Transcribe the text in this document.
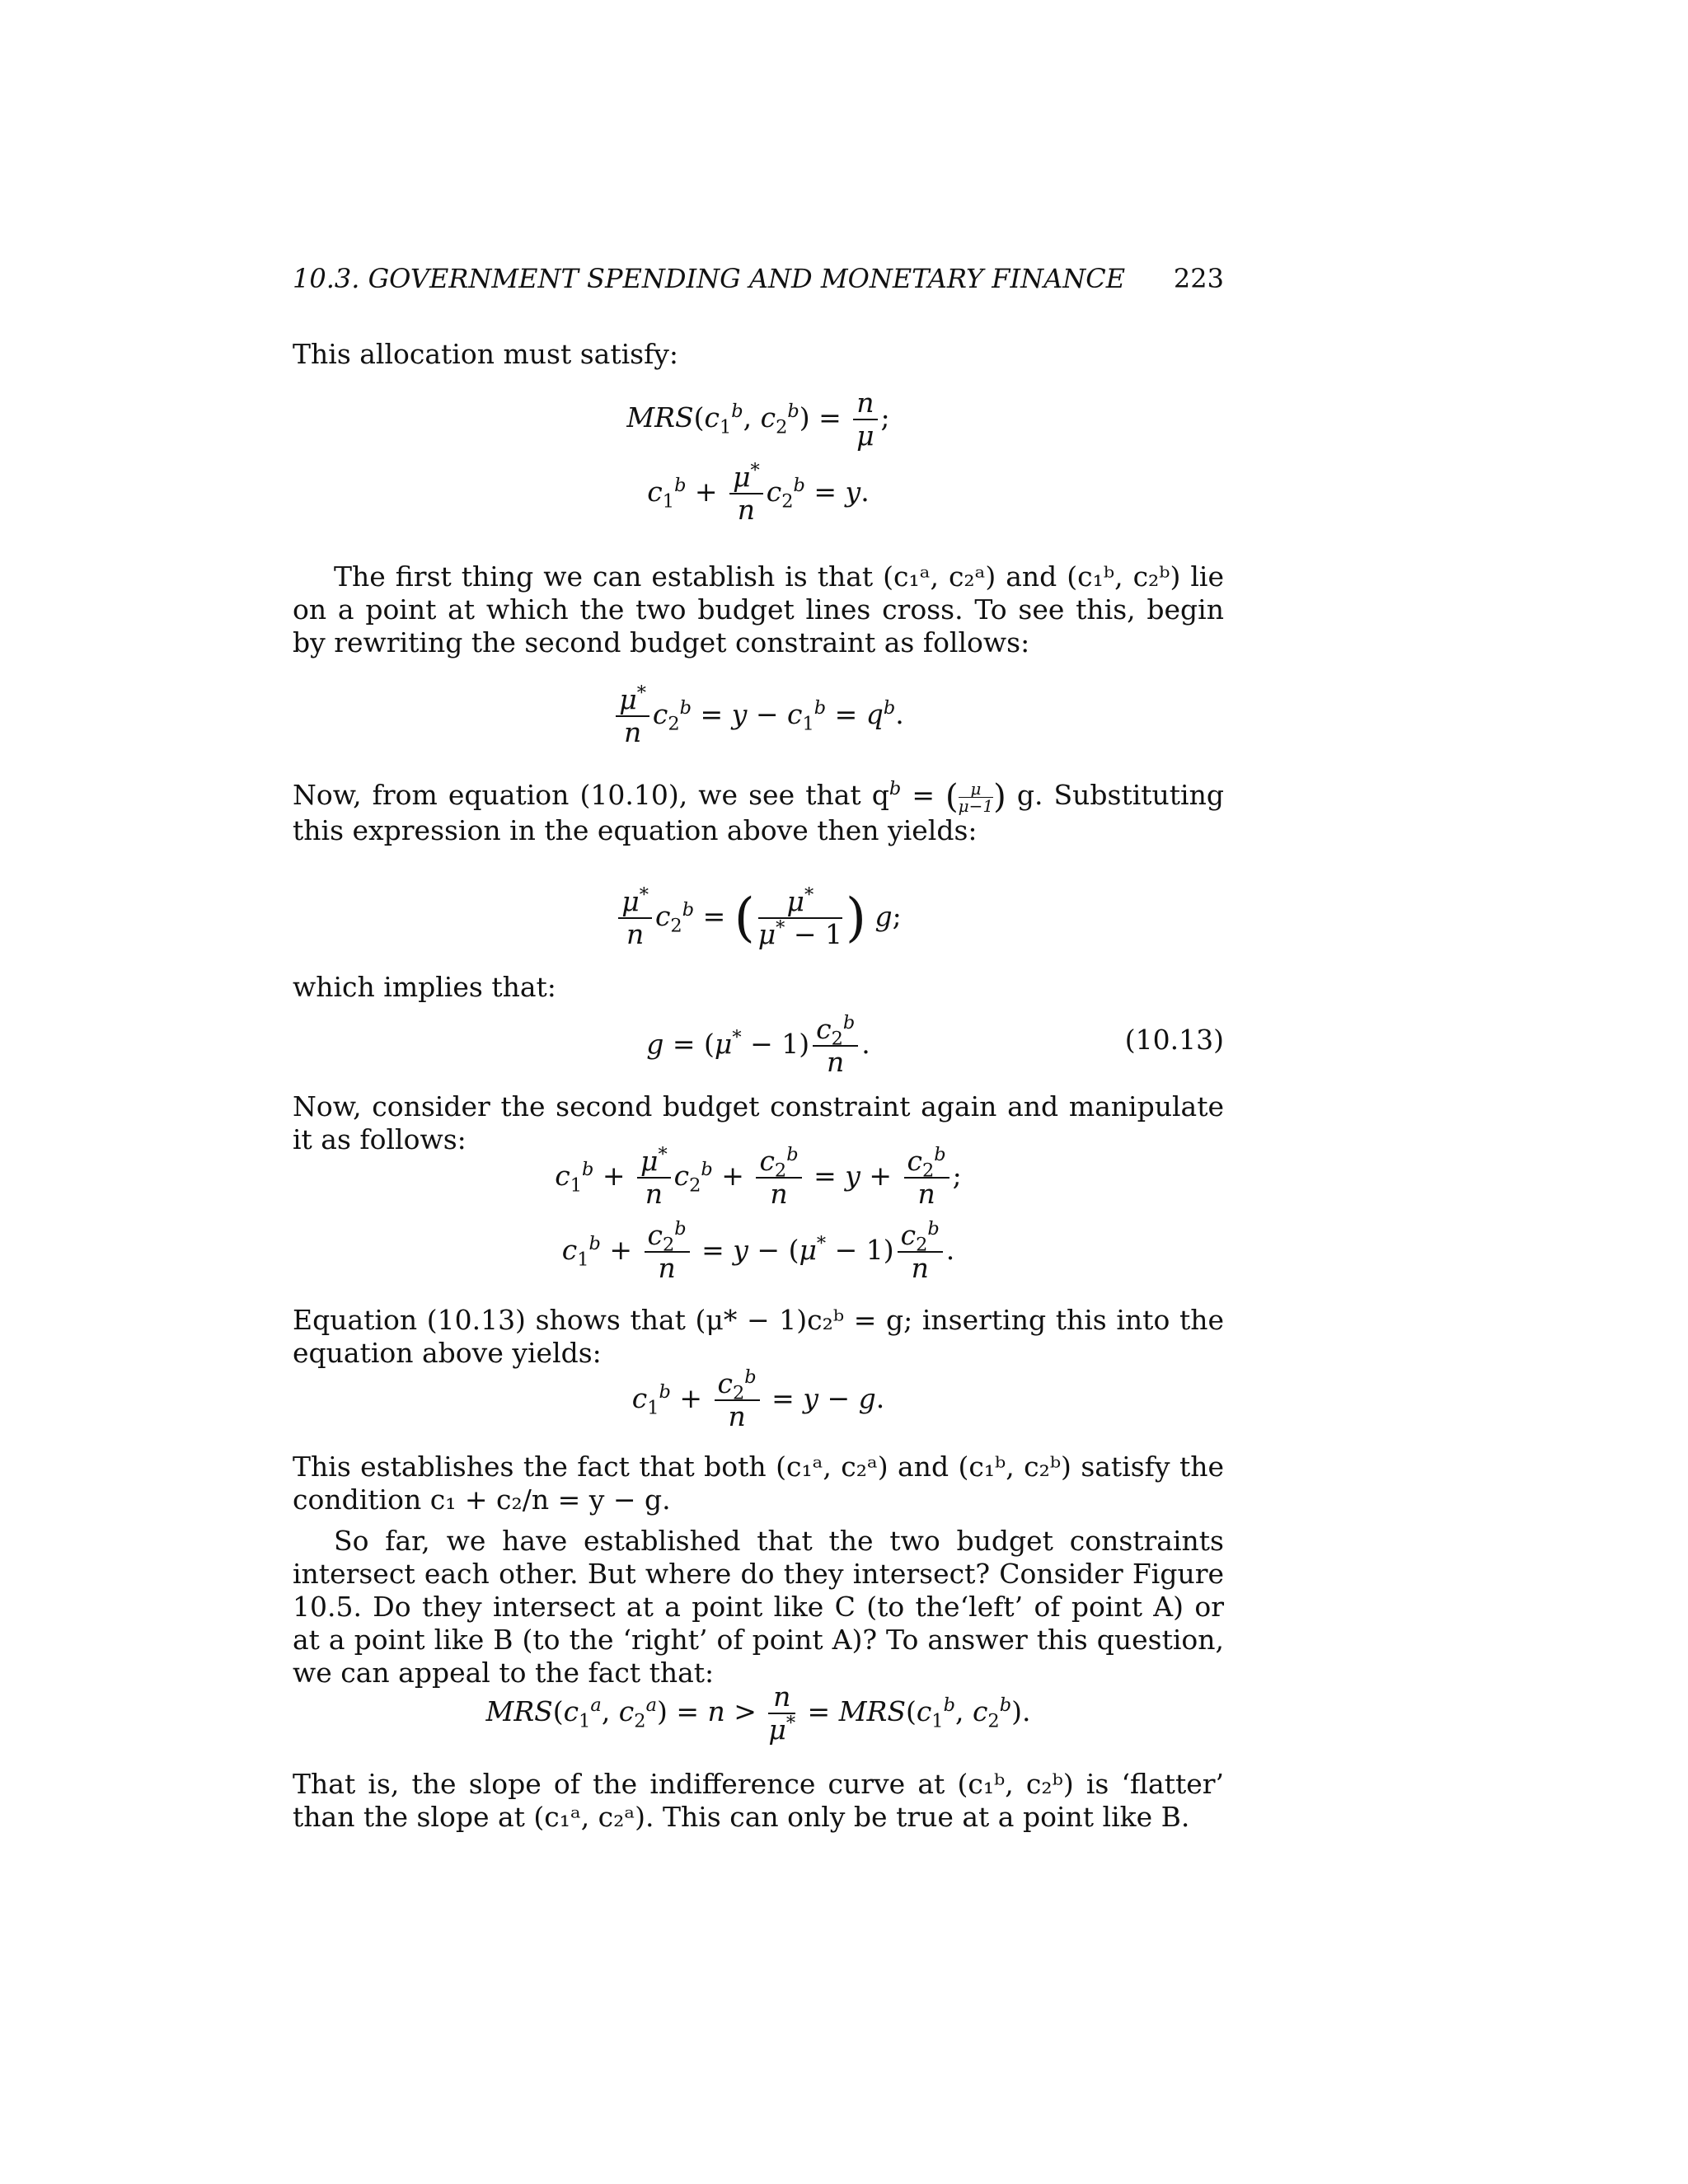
10.3. GOVERNMENT SPENDING AND MONETARY FINANCE 223
This allocation must satisfy:
$MRS(c_1^b$, $c_2^b) = \frac{n}{\mu}$ ;
$c_1^b + \frac{\mu^*}{n} c_2^b = y$.
The first thing we can establish is that (c₁ᵃ, c₂ᵃ) and (c₁ᵇ, c₂ᵇ) lie on a point at which the two budget lines cross. To see this, begin by rewriting the second budget constraint as follows:
$\frac{\mu^*}{n} c_2^b = y - c_1^b = q^b$.
Now, from equation (10.10), we see that $q^b$ = ( $\frac{\mu}{\mu-1}$ ) g. Substituting this expression in the equation above then yields:
$\frac{\mu^*}{n} c_2^b$ = ( $\frac{\mu^*}{\mu^* - 1}$ ) g;
which implies that:
$g = (\mu^* - 1) \frac{c_2^b}{n}$ .	(10.13)
Now, consider the second budget constraint again and manipulate it as follows:
$c_1^b + \frac{\mu^*}{n} c_2^b + \frac{c_2^b}{n} = y + \frac{c_2^b}{n}$ ;
$c_1^b + \frac{c_2^b}{n} = y - (\mu^* - 1) \frac{c_2^b}{n}$ .
Equation (10.13) shows that (μ* − 1)c₂ᵇ = g; inserting this into the equation above yields:
$c_1^b + \frac{c_2^b}{n} = y - g$.
This establishes the fact that both (c₁ᵃ, c₂ᵃ) and (c₁ᵇ, c₂ᵇ) satisfy the condition c₁ + c₂/n = y − g.
So far, we have established that the two budget constraints intersect each other. But where do they intersect? Consider Figure 10.5. Do they intersect at a point like C (to the‘left’ of point A) or at a point like B (to the ‘right’ of point A)? To answer this question, we can appeal to the fact that:
$MRS(c_1^a$, $c_2^a) = n > \frac{n}{\mu^*} = MRS(c_1^b$, $c_2^b$).
That is, the slope of the indifference curve at (c₁ᵇ, c₂ᵇ) is ‘flatter’ than the slope at (c₁ᵃ, c₂ᵃ). This can only be true at a point like B.
